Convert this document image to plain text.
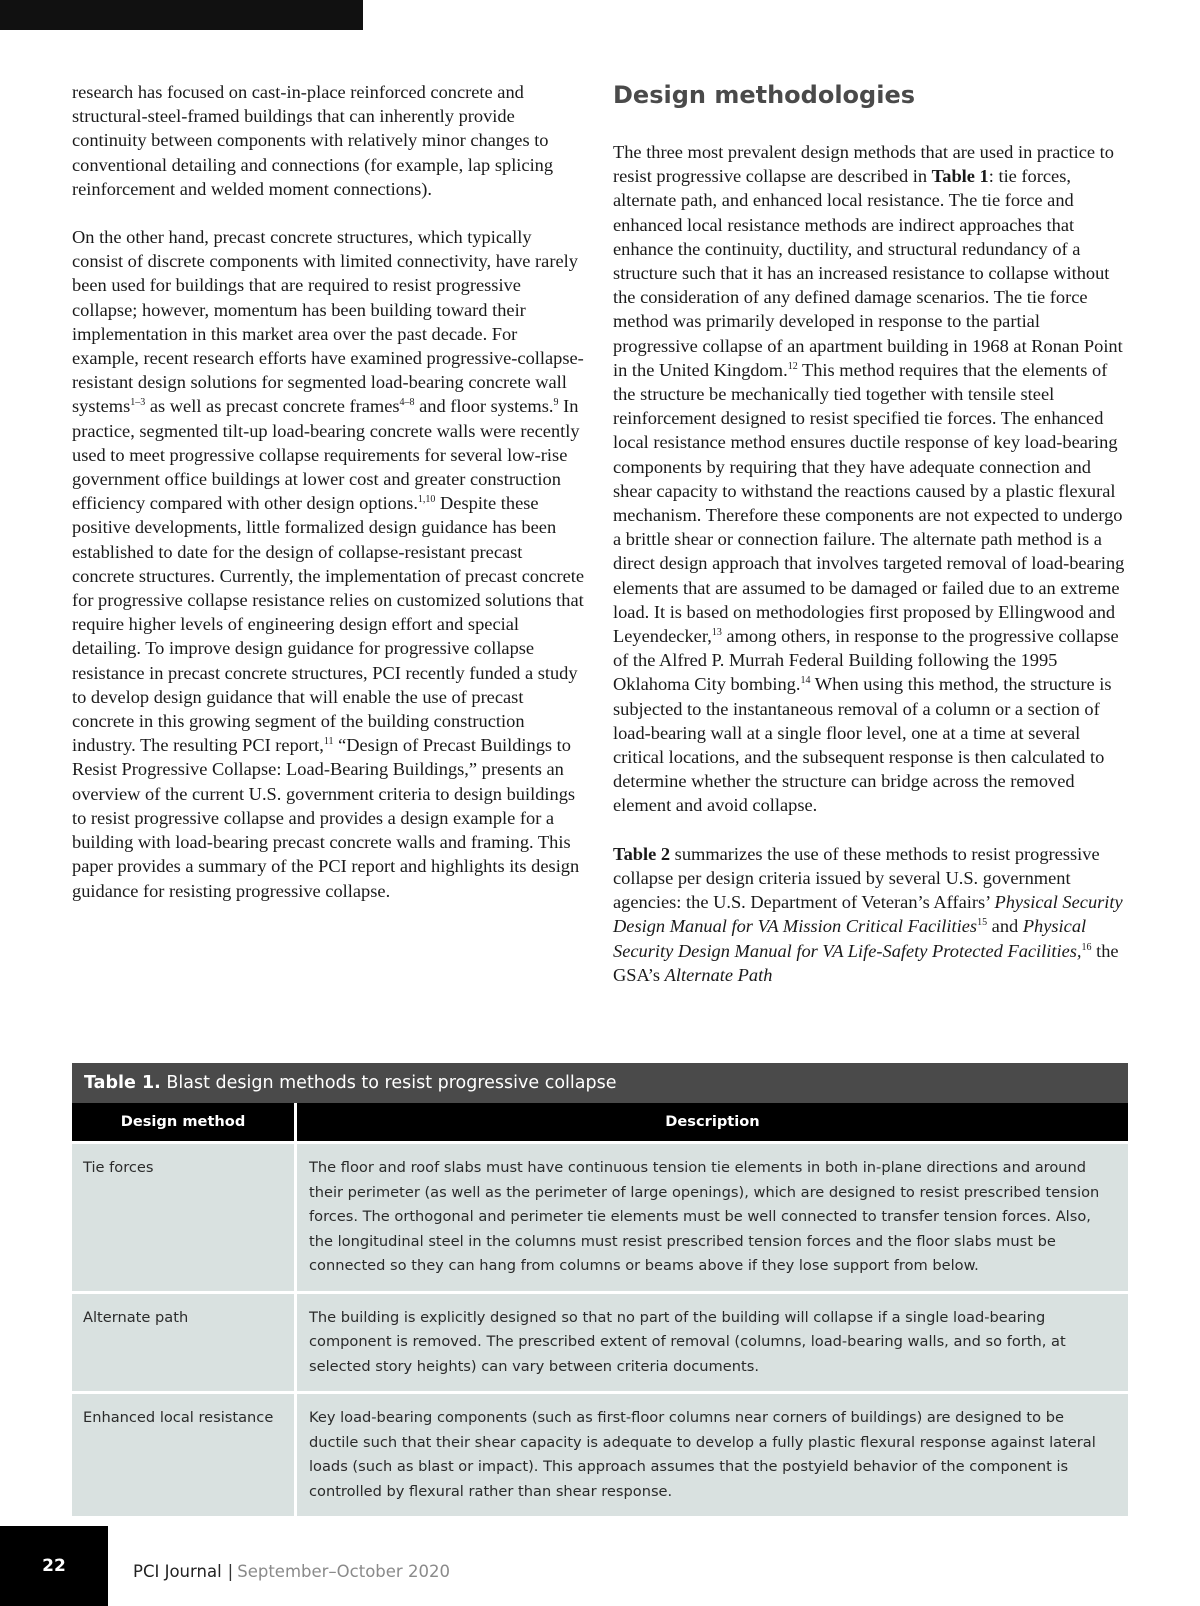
research has focused on cast-in-place reinforced concrete and structural-steel-framed buildings that can inherently provide continuity between components with relatively minor changes to conventional detailing and connections (for example, lap splicing reinforcement and welded moment connections).

On the other hand, precast concrete structures, which typically consist of discrete components with limited connectivity, have rarely been used for buildings that are required to resist progressive collapse; however, momentum has been building toward their implementation in this market area over the past decade. For example, recent research efforts have examined progressive-collapse-resistant design solutions for segmented load-bearing concrete wall systems$^{1-3}$ as well as precast concrete frames$^{4-8}$ and floor systems.$^9$ In practice, segmented tilt-up load-bearing concrete walls were recently used to meet progressive collapse requirements for several low-rise government office buildings at lower cost and greater construction efficiency compared with other design options.$^{1,10}$ Despite these positive developments, little formalized design guidance has been established to date for the design of collapse-resistant precast concrete structures. Currently, the implementation of precast concrete for progressive collapse resistance relies on customized solutions that require higher levels of engineering design effort and special detailing. To improve design guidance for progressive collapse resistance in precast concrete structures, PCI recently funded a study to develop design guidance that will enable the use of precast concrete in this growing segment of the building construction industry. The resulting PCI report,$^{11}$ “Design of Precast Buildings to Resist Progressive Collapse: Load-Bearing Buildings,” presents an overview of the current U.S. government criteria to design buildings to resist progressive collapse and provides a design example for a building with load-bearing precast concrete walls and framing. This paper provides a summary of the PCI report and highlights its design guidance for resisting progressive collapse.

Design methodologies

The three most prevalent design methods that are used in practice to resist progressive collapse are described in Table 1: tie forces, alternate path, and enhanced local resistance. The tie force and enhanced local resistance methods are indirect approaches that enhance the continuity, ductility, and structural redundancy of a structure such that it has an increased resistance to collapse without the consideration of any defined damage scenarios. The tie force method was primarily developed in response to the partial progressive collapse of an apartment building in 1968 at Ronan Point in the United Kingdom.$^{12}$ This method requires that the elements of the structure be mechanically tied together with tensile steel reinforcement designed to resist specified tie forces. The enhanced local resistance method ensures ductile response of key load-bearing components by requiring that they have adequate connection and shear capacity to withstand the reactions caused by a plastic flexural mechanism. Therefore these components are not expected to undergo a brittle shear or connection failure. The alternate path method is a direct design approach that involves targeted removal of load-bearing elements that are assumed to be damaged or failed due to an extreme load. It is based on methodologies first proposed by Ellingwood and Leyendecker,$^{13}$ among others, in response to the progressive collapse of the Alfred P. Murrah Federal Building following the 1995 Oklahoma City bombing.$^{14}$ When using this method, the structure is subjected to the instantaneous removal of a column or a section of load-bearing wall at a single floor level, one at a time at several critical locations, and the subsequent response is then calculated to determine whether the structure can bridge across the removed element and avoid collapse.

Table 2 summarizes the use of these methods to resist progressive collapse per design criteria issued by several U.S. government agencies: the U.S. Department of Veteran’s Affairs’ Physical Security Design Manual for VA Mission Critical Facilities$^{15}$ and Physical Security Design Manual for VA Life-Safety Protected Facilities,$^{16}$ the GSA’s Alternate Path

Table 1. Blast design methods to resist progressive collapse
Design method	Description
Tie forces	The floor and roof slabs must have continuous tension tie elements in both in-plane directions and around their perimeter (as well as the perimeter of large openings), which are designed to resist prescribed tension forces. The orthogonal and perimeter tie elements must be well connected to transfer tension forces. Also, the longitudinal steel in the columns must resist prescribed tension forces and the floor slabs must be connected so they can hang from columns or beams above if they lose support from below.
Alternate path	The building is explicitly designed so that no part of the building will collapse if a single load-bearing component is removed. The prescribed extent of removal (columns, load-bearing walls, and so forth, at selected story heights) can vary between criteria documents.
Enhanced local resistance	Key load-bearing components (such as first-floor columns near corners of buildings) are designed to be ductile such that their shear capacity is adequate to develop a fully plastic flexural response against lateral loads (such as blast or impact). This approach assumes that the postyield behavior of the component is controlled by flexural rather than shear response.
22	PCI Journal | September–October 2020
